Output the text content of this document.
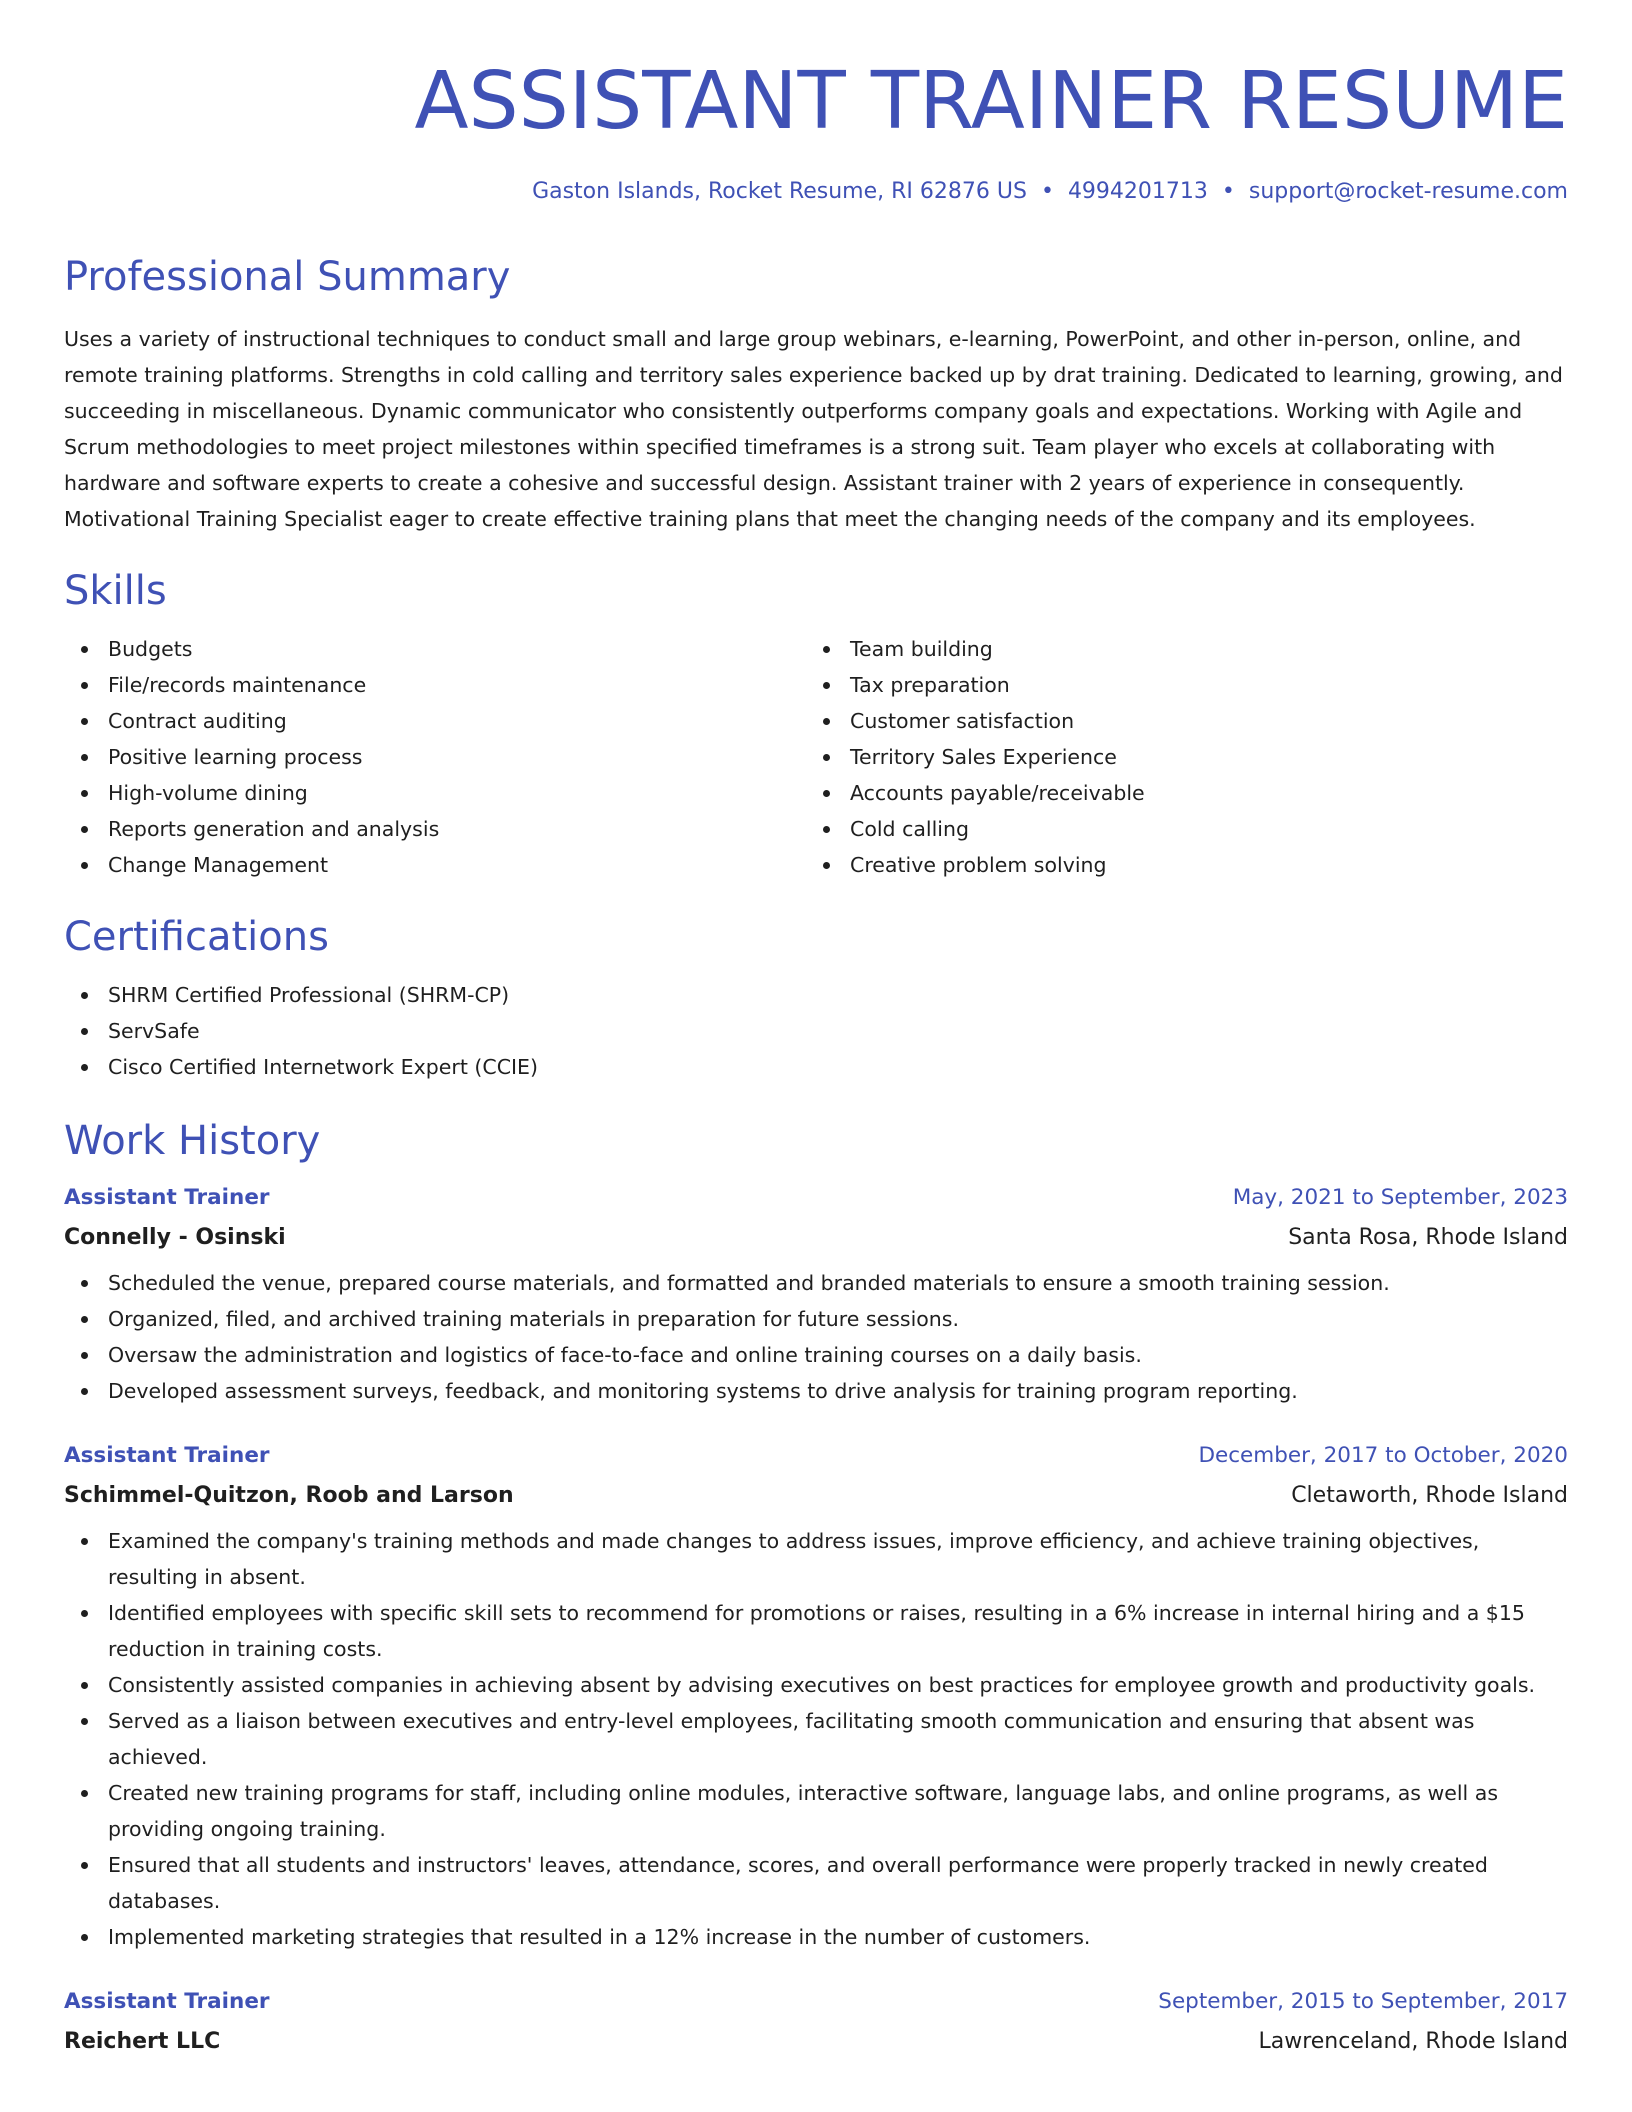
ASSISTANT TRAINER RESUME
Gaston Islands, Rocket Resume, RI 62876 US • 4994201713 • support@rocket-resume.com
Professional Summary

Uses a variety of instructional techniques to conduct small and large group webinars, e-learning, PowerPoint, and other in-person, online, and remote training platforms. Strengths in cold calling and territory sales experience backed up by drat training. Dedicated to learning, growing, and succeeding in miscellaneous. Dynamic communicator who consistently outperforms company goals and expectations. Working with Agile and Scrum methodologies to meet project milestones within specified timeframes is a strong suit. Team player who excels at collaborating with hardware and software experts to create a cohesive and successful design. Assistant trainer with 2 years of experience in consequently. Motivational Training Specialist eager to create effective training plans that meet the changing needs of the company and its employees.

Skills
Budgets
File/records maintenance
Contract auditing
Positive learning process
High-volume dining
Reports generation and analysis
Change Management
Team building
Tax preparation
Customer satisfaction
Territory Sales Experience
Accounts payable/receivable
Cold calling
Creative problem solving
Certifications
SHRM Certified Professional (SHRM-CP)
ServSafe
Cisco Certified Internetwork Expert (CCIE)
Work History
Assistant Trainer	May, 2021 to September, 2023
Connelly - Osinski	Santa Rosa, Rhode Island
Scheduled the venue, prepared course materials, and formatted and branded materials to ensure a smooth training session.
Organized, filed, and archived training materials in preparation for future sessions.
Oversaw the administration and logistics of face-to-face and online training courses on a daily basis.
Developed assessment surveys, feedback, and monitoring systems to drive analysis for training program reporting.
Assistant Trainer	December, 2017 to October, 2020
Schimmel-Quitzon, Roob and Larson	Cletaworth, Rhode Island
Examined the company's training methods and made changes to address issues, improve efficiency, and achieve training objectives, resulting in absent.
Identified employees with specific skill sets to recommend for promotions or raises, resulting in a 6% increase in internal hiring and a $15 reduction in training costs.
Consistently assisted companies in achieving absent by advising executives on best practices for employee growth and productivity goals.
Served as a liaison between executives and entry-level employees, facilitating smooth communication and ensuring that absent was achieved.
Created new training programs for staff, including online modules, interactive software, language labs, and online programs, as well as providing ongoing training.
Ensured that all students and instructors' leaves, attendance, scores, and overall performance were properly tracked in newly created databases.
Implemented marketing strategies that resulted in a 12% increase in the number of customers.
Assistant Trainer	September, 2015 to September, 2017
Reichert LLC	Lawrenceland, Rhode Island
